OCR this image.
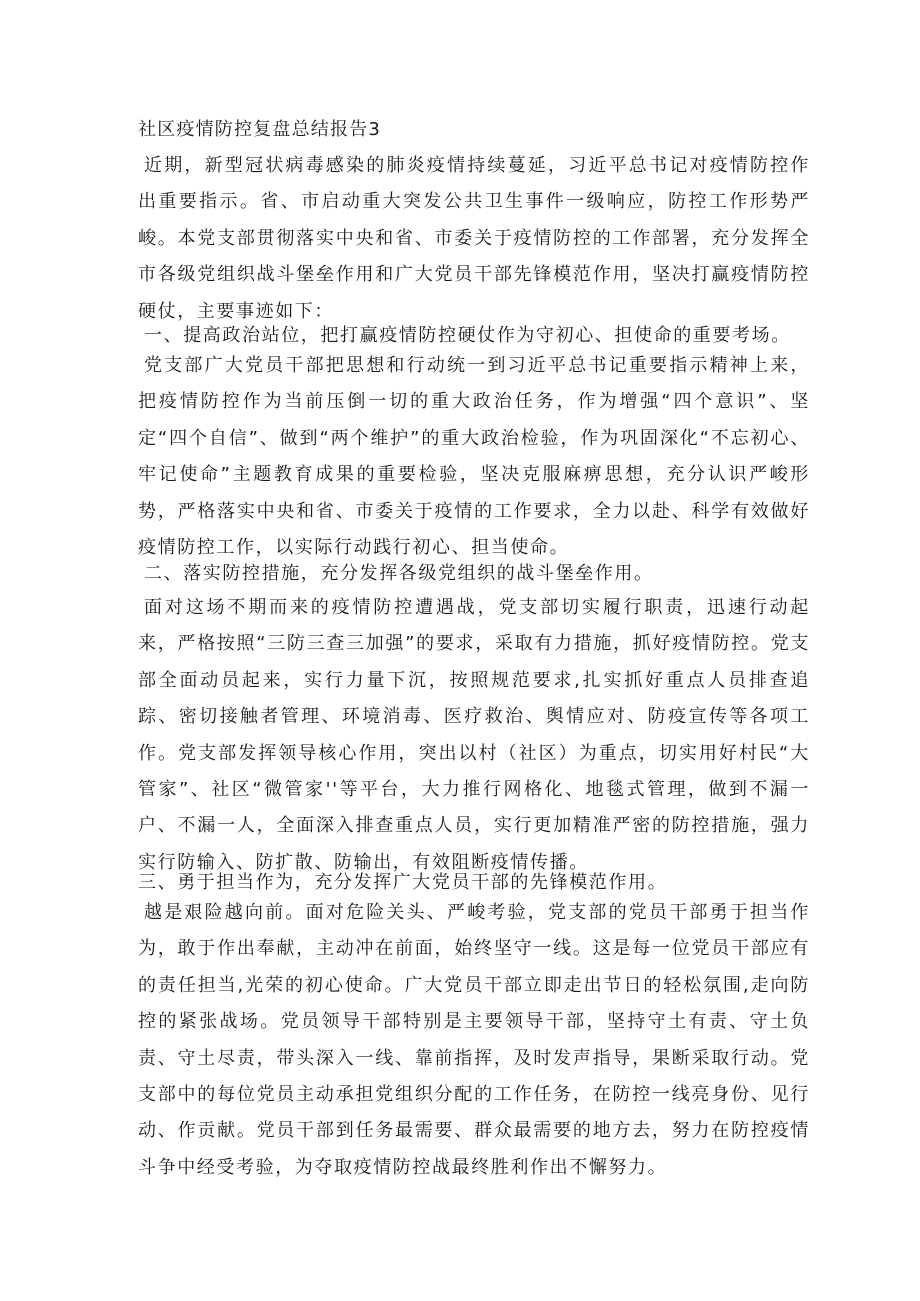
社区疫情防控复盘总结报告3

近期，新型冠状病毒感染的肺炎疫情持续蔓延，习近平总书记对疫情防控作出重要指示。省、市启动重大突发公共卫生事件一级响应，防控工作形势严峻。本党支部贯彻落实中央和省、市委关于疫情防控的工作部署，充分发挥全市各级党组织战斗堡垒作用和广大党员干部先锋模范作用，坚决打赢疫情防控硬仗，主要事迹如下：

一、提高政治站位，把打赢疫情防控硬仗作为守初心、担使命的重要考场。

党支部广大党员干部把思想和行动统一到习近平总书记重要指示精神上来，把疫情防控作为当前压倒一切的重大政治任务，作为增强“四个意识”、坚定“四个自信”、做到“两个维护”的重大政治检验，作为巩固深化“不忘初心、牢记使命”主题教育成果的重要检验，坚决克服麻痹思想，充分认识严峻形势，严格落实中央和省、市委关于疫情的工作要求，全力以赴、科学有效做好疫情防控工作，以实际行动践行初心、担当使命。

二、落实防控措施，充分发挥各级党组织的战斗堡垒作用。

面对这场不期而来的疫情防控遭遇战，党支部切实履行职责，迅速行动起来，严格按照“三防三查三加强”的要求，采取有力措施，抓好疫情防控。党支部全面动员起来，实行力量下沉，按照规范要求,扎实抓好重点人员排查追踪、密切接触者管理、环境消毒、医疗救治、舆情应对、防疫宣传等各项工作。党支部发挥领导核心作用，突出以村（社区）为重点，切实用好村民“大管家”、社区“微管家''等平台，大力推行网格化、地毯式管理，做到不漏一户、不漏一人，全面深入排查重点人员，实行更加精准严密的防控措施，强力实行防输入、防扩散、防输出，有效阻断疫情传播。

三、勇于担当作为，充分发挥广大党员干部的先锋模范作用。

越是艰险越向前。面对危险关头、严峻考验，党支部的党员干部勇于担当作为，敢于作出奉献，主动冲在前面，始终坚守一线。这是每一位党员干部应有的责任担当,光荣的初心使命。广大党员干部立即走出节日的轻松氛围,走向防控的紧张战场。党员领导干部特别是主要领导干部，坚持守土有责、守土负责、守土尽责，带头深入一线、靠前指挥，及时发声指导，果断采取行动。党支部中的每位党员主动承担党组织分配的工作任务，在防控一线亮身份、见行动、作贡献。党员干部到任务最需要、群众最需要的地方去，努力在防控疫情斗争中经受考验，为夺取疫情防控战最终胜利作出不懈努力。
